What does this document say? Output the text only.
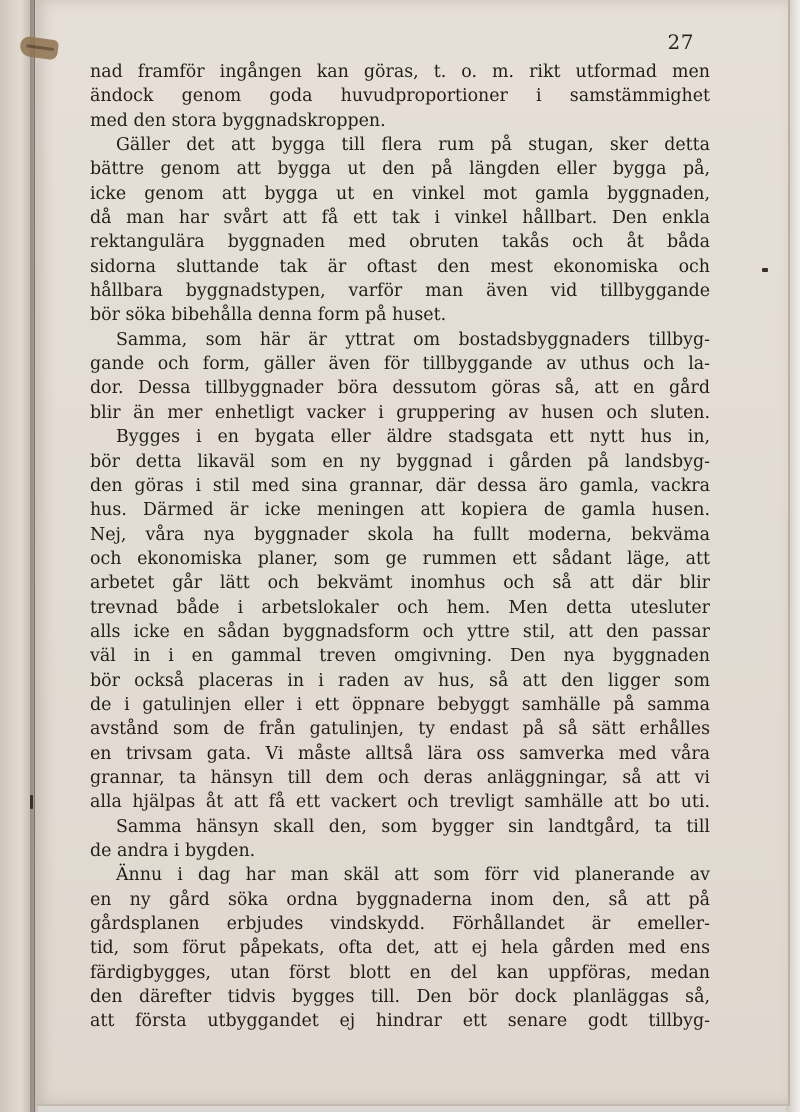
27
nad framför ingången kan göras, t. o. m. rikt utformad men
ändock genom goda huvudproportioner i samstämmighet
med den stora byggnadskroppen.
Gäller det att bygga till flera rum på stugan, sker detta
bättre genom att bygga ut den på längden eller bygga på,
icke genom att bygga ut en vinkel mot gamla byggnaden,
då man har svårt att få ett tak i vinkel hållbart. Den enkla
rektangulära byggnaden med obruten takås och åt båda
sidorna sluttande tak är oftast den mest ekonomiska och
hållbara byggnadstypen, varför man även vid tillbyggande
bör söka bibehålla denna form på huset.
Samma, som här är yttrat om bostadsbyggnaders tillbyg-
gande och form, gäller även för tillbyggande av uthus och la-
dor. Dessa tillbyggnader böra dessutom göras så, att en gård
blir än mer enhetligt vacker i gruppering av husen och sluten.
Bygges i en bygata eller äldre stadsgata ett nytt hus in,
bör detta likaväl som en ny byggnad i gården på landsbyg-
den göras i stil med sina grannar, där dessa äro gamla, vackra
hus. Därmed är icke meningen att kopiera de gamla husen.
Nej, våra nya byggnader skola ha fullt moderna, bekväma
och ekonomiska planer, som ge rummen ett sådant läge, att
arbetet går lätt och bekvämt inomhus och så att där blir
trevnad både i arbetslokaler och hem. Men detta utesluter
alls icke en sådan byggnadsform och yttre stil, att den passar
väl in i en gammal treven omgivning. Den nya byggnaden
bör också placeras in i raden av hus, så att den ligger som
de i gatulinjen eller i ett öppnare bebyggt samhälle på samma
avstånd som de från gatulinjen, ty endast på så sätt erhålles
en trivsam gata. Vi måste alltså lära oss samverka med våra
grannar, ta hänsyn till dem och deras anläggningar, så att vi
alla hjälpas åt att få ett vackert och trevligt samhälle att bo uti.
Samma hänsyn skall den, som bygger sin landtgård, ta till
de andra i bygden.
Ännu i dag har man skäl att som förr vid planerande av
en ny gård söka ordna byggnaderna inom den, så att på
gårdsplanen erbjudes vindskydd. Förhållandet är emeller-
tid, som förut påpekats, ofta det, att ej hela gården med ens
färdigbygges, utan först blott en del kan uppföras, medan
den därefter tidvis bygges till. Den bör dock planläggas så,
att första utbyggandet ej hindrar ett senare godt tillbyg-
